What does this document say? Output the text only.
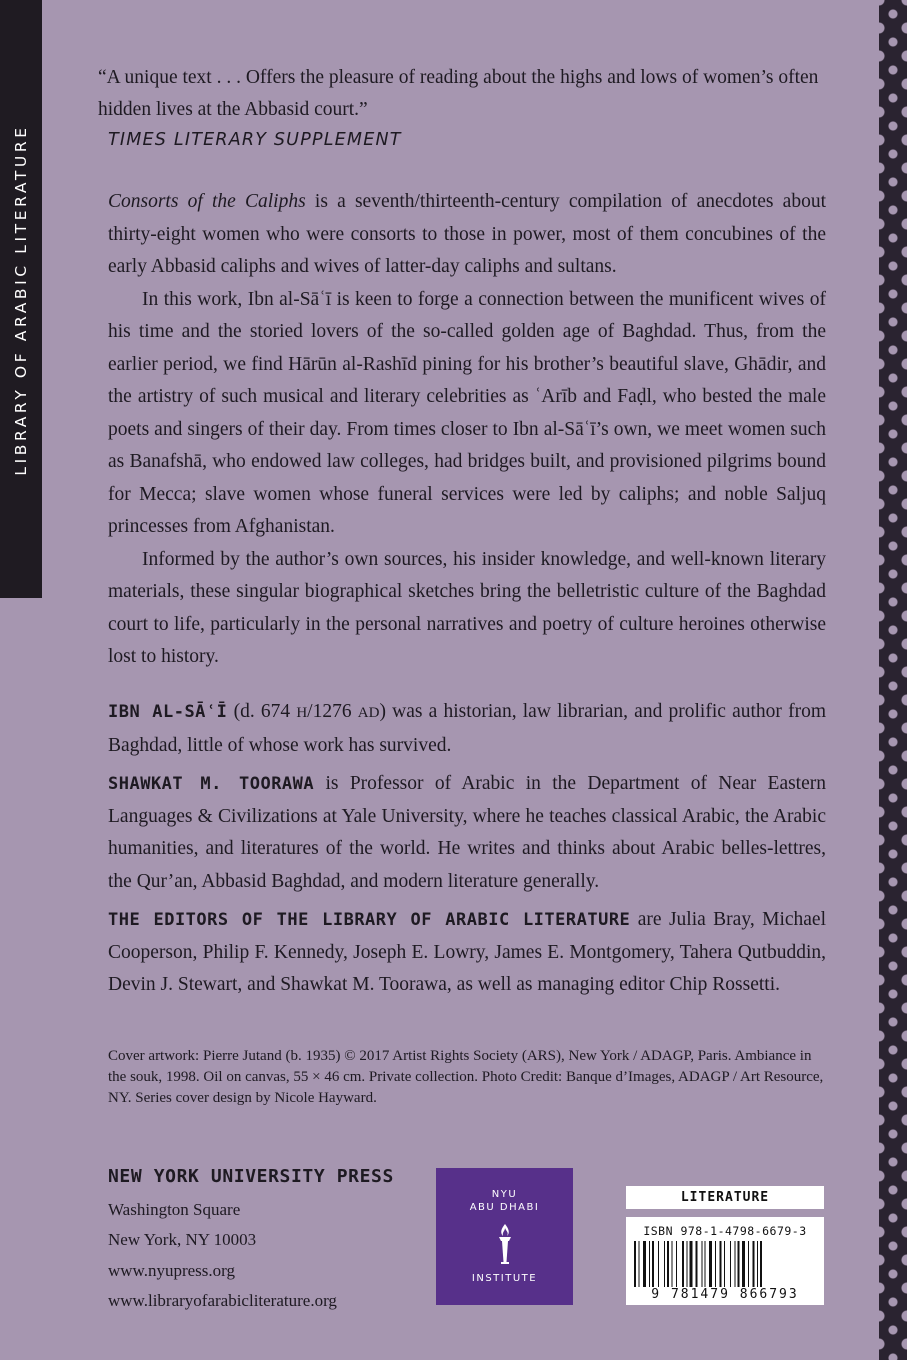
LIBRARY OF ARABIC LITERATURE

“A unique text . . . Offers the pleasure of reading about the highs and lows of women’s often hidden lives at the Abbasid court.”

TIMES LITERARY SUPPLEMENT

Consorts of the Caliphs is a seventh/thirteenth-century compilation of anecdotes about thirty-eight women who were consorts to those in power, most of them concubines of the early Abbasid caliphs and wives of latter-day caliphs and sultans.

In this work, Ibn al-Sāʿī is keen to forge a connection between the munificent wives of his time and the storied lovers of the so-called golden age of Baghdad. Thus, from the earlier period, we find Hārūn al-Rashīd pining for his brother’s beautiful slave, Ghādir, and the artistry of such musical and literary celebrities as ʿArīb and Faḍl, who bested the male poets and singers of their day. From times closer to Ibn al-Sāʿī’s own, we meet women such as Banafshā, who endowed law colleges, had bridges built, and provisioned pilgrims bound for Mecca; slave women whose funeral services were led by caliphs; and noble Saljuq princesses from Afghanistan.

Informed by the author’s own sources, his insider knowledge, and well-known literary materials, these singular biographical sketches bring the belletristic culture of the Baghdad court to life, particularly in the personal narratives and poetry of culture heroines otherwise lost to history.

IBN AL-SĀʿĪ (d. 674 H/1276 AD) was a historian, law librarian, and prolific author from Baghdad, little of whose work has survived.

SHAWKAT M. TOORAWA is Professor of Arabic in the Department of Near Eastern Languages & Civilizations at Yale University, where he teaches classical Arabic, the Arabic humanities, and literatures of the world. He writes and thinks about Arabic belles-lettres, the Qur’an, Abbasid Baghdad, and modern literature generally.

THE EDITORS OF THE LIBRARY OF ARABIC LITERATURE are Julia Bray, Michael Cooperson, Philip F. Kennedy, Joseph E. Lowry, James E. Montgomery, Tahera Qutbuddin, Devin J. Stewart, and Shawkat M. Toorawa, as well as managing editor Chip Rossetti.

Cover artwork: Pierre Jutand (b. 1935) © 2017 Artist Rights Society (ARS), New York / ADAGP, Paris. Ambiance in the souk, 1998. Oil on canvas, 55 × 46 cm. Private collection. Photo Credit: Banque d’Images, ADAGP / Art Resource, NY. Series cover design by Nicole Hayward.

NEW YORK UNIVERSITY PRESS
Washington Square
New York, NY 10003
www.nyupress.org
www.libraryofarabicliterature.org
NYU
ABU DHABI
INSTITUTE
LITERATURE
ISBN 978-1-4798-6679-3
9 781479 866793
